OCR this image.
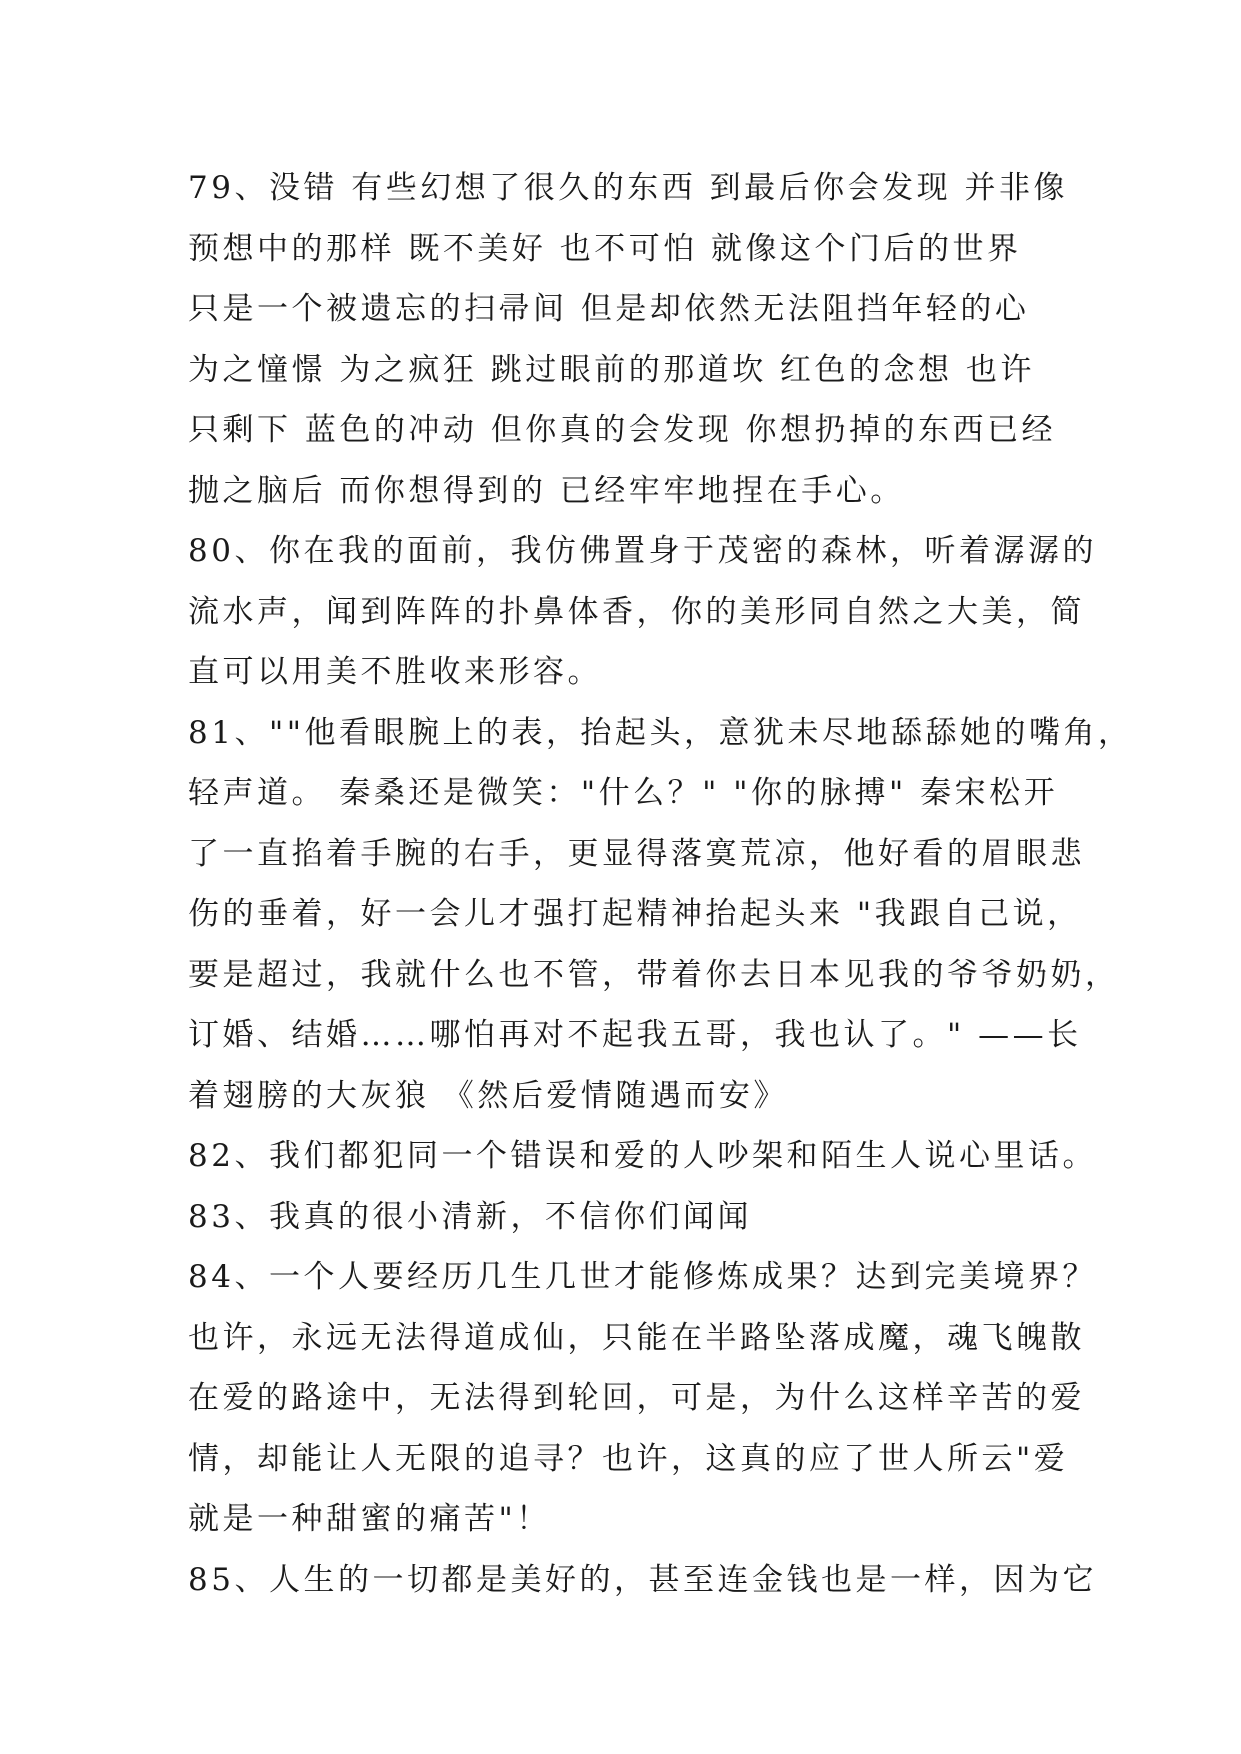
79、没错 有些幻想了很久的东西 到最后你会发现 并非像
预想中的那样 既不美好 也不可怕 就像这个门后的世界
只是一个被遗忘的扫帚间 但是却依然无法阻挡年轻的心
为之憧憬 为之疯狂 跳过眼前的那道坎 红色的念想 也许
只剩下 蓝色的冲动 但你真的会发现 你想扔掉的东西已经
抛之脑后 而你想得到的 已经牢牢地捏在手心。
80、你在我的面前，我仿佛置身于茂密的森林，听着潺潺的
流水声，闻到阵阵的扑鼻体香，你的美形同自然之大美，简
直可以用美不胜收来形容。
81、""他看眼腕上的表，抬起头，意犹未尽地舔舔她的嘴角，
轻声道。 秦桑还是微笑："什么？" "你的脉搏" 秦宋松开
了一直掐着手腕的右手，更显得落寞荒凉，他好看的眉眼悲
伤的垂着，好一会儿才强打起精神抬起头来 "我跟自己说，
要是超过，我就什么也不管，带着你去日本见我的爷爷奶奶，
订婚、结婚……哪怕再对不起我五哥，我也认了。" ——长
着翅膀的大灰狼 《然后爱情随遇而安》
82、我们都犯同一个错误和爱的人吵架和陌生人说心里话。
83、我真的很小清新，不信你们闻闻
84、一个人要经历几生几世才能修炼成果？达到完美境界？
也许，永远无法得道成仙，只能在半路坠落成魔，魂飞魄散
在爱的路途中，无法得到轮回，可是，为什么这样辛苦的爱
情，却能让人无限的追寻？也许，这真的应了世人所云"爱
就是一种甜蜜的痛苦"！
85、人生的一切都是美好的，甚至连金钱也是一样，因为它
